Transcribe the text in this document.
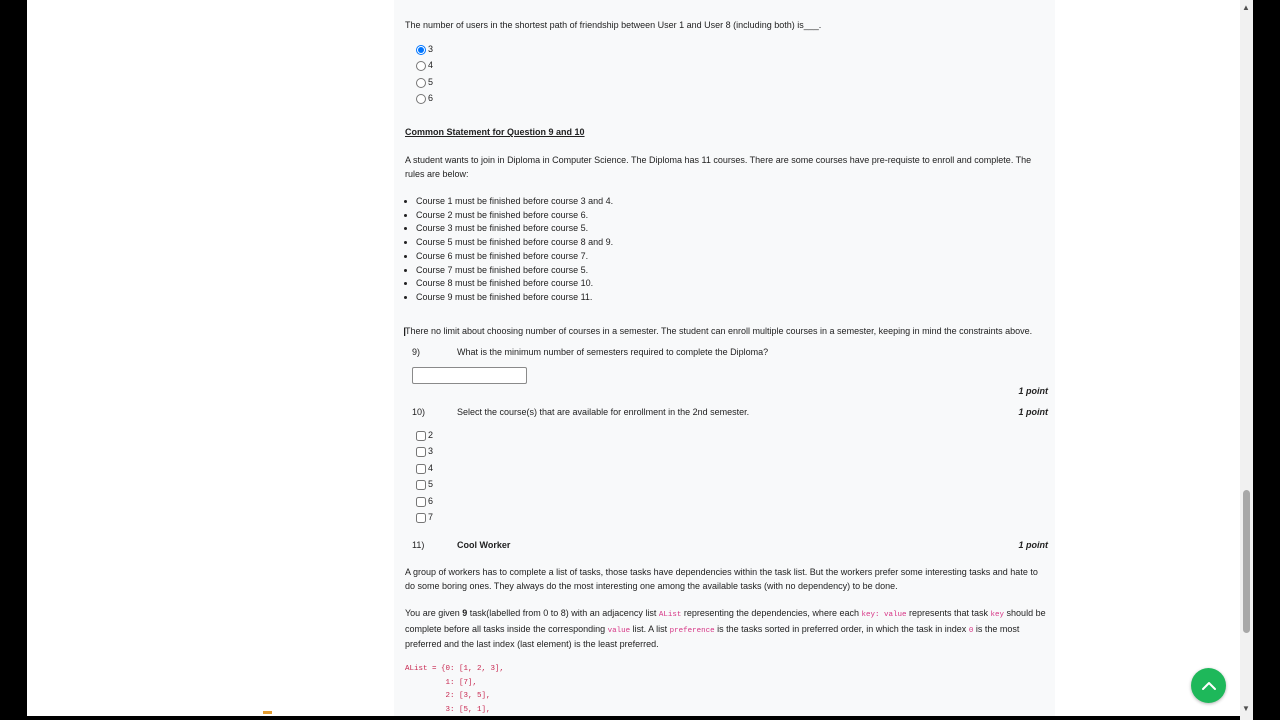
The number of users in the shortest path of friendship between User 1 and User 8 (including both) is___.

3
4
5
6

Common Statement for Question 9 and 10

A student wants to join in Diploma in Computer Science. The Diploma has 11 courses. There are some courses have pre-requiste to enroll and complete. The rules are below:

• Course 1 must be finished before course 3 and 4.
• Course 2 must be finished before course 6.
• Course 3 must be finished before course 5.
• Course 5 must be finished before course 8 and 9.
• Course 6 must be finished before course 7.
• Course 7 must be finished before course 5.
• Course 8 must be finished before course 10.
• Course 9 must be finished before course 11.

There no limit about choosing number of courses in a semester. The student can enroll multiple courses in a semester, keeping in mind the constraints above.

9)	What is the minimum number of semesters required to complete the Diploma?
1 point
10)	Select the course(s) that are available for enrollment in the 2nd semester.	1 point
2
3
4
5
6
7
11)	Cool Worker	1 point

A group of workers has to complete a list of tasks, those tasks have dependencies within the task list. But the workers prefer some interesting tasks and hate to do some boring ones. They always do the most interesting one among the available tasks (with no dependency) to be done.

You are given 9 task(labelled from 0 to 8) with an adjacency list AList representing the dependencies, where each key: value represents that task key should be complete before all tasks inside the corresponding value list. A list preference is the tasks sorted in preferred order, in which the task in index 0 is the most preferred and the last index (last element) is the least preferred.

AList = {0: [1, 2, 3],
1: [7],
2: [3, 5],
3: [5, 1],
I
▲
▼
